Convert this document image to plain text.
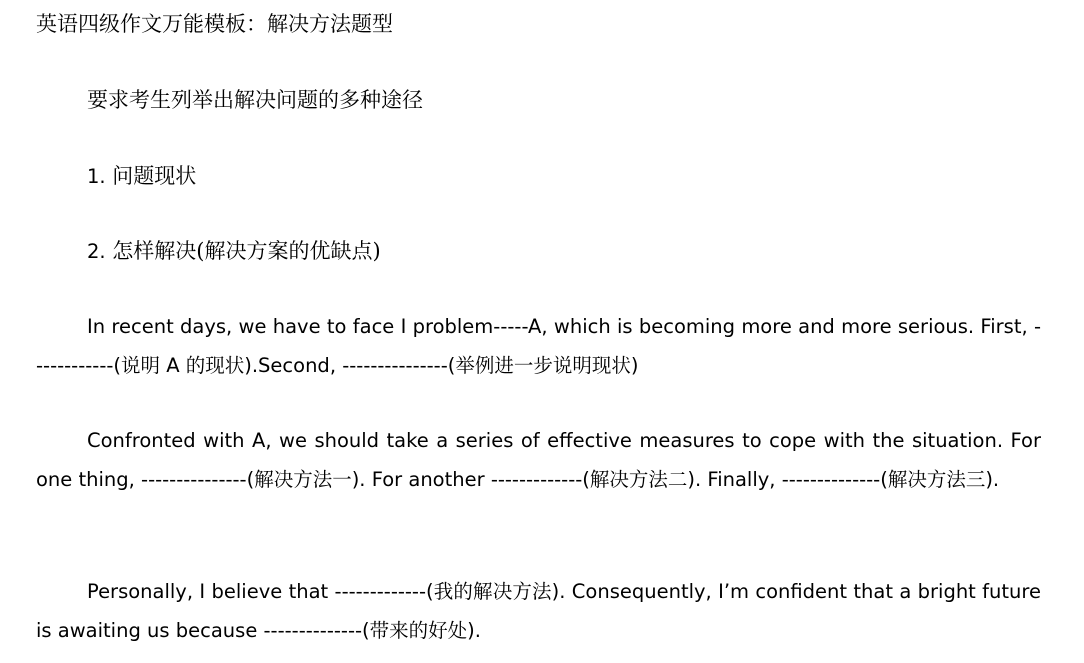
英语四级作文万能模板：解决方法题型
要求考生列举出解决问题的多种途径
1. 问题现状
2. 怎样解决(解决方案的优缺点)
In recent days, we have to face I problem-----A, which is becoming more and more serious. First, ------------(说明 A 的现状).Second, ---------------(举例进一步说明现状)
Confronted with A, we should take a series of effective measures to cope with the situation. For one thing, ---------------(解决方法一). For another -------------(解决方法二). Finally, --------------(解决方法三).
Personally, I believe that -------------(我的解决方法). Consequently, I’m confident that a bright future is awaiting us because --------------(带来的好处).
